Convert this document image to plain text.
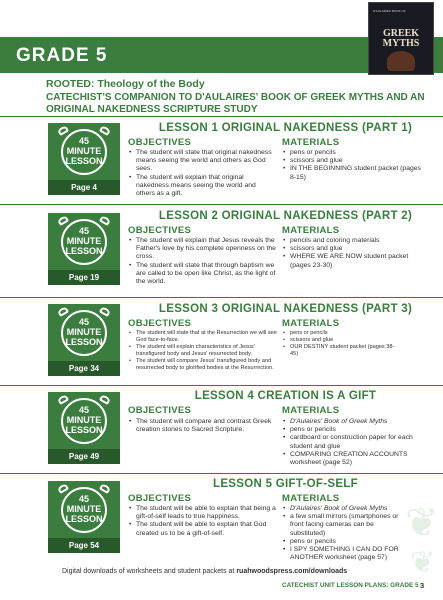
❦
❦
GRADE 5
D'AULAIRES' BOOK OF
GREEK MYTHS
ROOTED: Theology of the Body
CATECHIST'S COMPANION TO D'AULAIRES' BOOK OF GREEK MYTHS AND AN ORIGINAL NAKEDNESS SCRIPTURE STUDY
45
MINUTE
LESSON
Page 4
LESSON 1 ORIGINAL NAKEDNESS (PART 1)
OBJECTIVES	MATERIALS
• The student will state that original nakedness means seeing the world and others as God sees.
• The student will explain that original nakedness means seeing the world and others as a gift.
• pens or pencils
• scissors and glue
• IN THE BEGINNING student packet (pages 8-15)
45
MINUTE
LESSON
Page 19
LESSON 2 ORIGINAL NAKEDNESS (PART 2)
OBJECTIVES	MATERIALS
• The student will explain that Jesus reveals the Father's love by his complete openness on the cross.
• The student will state that through baptism we are called to be open like Christ, as the light of the world.
• pencils and coloring materials
• scissors and glue
• WHERE WE ARE NOW student packet (pages 23-30)
45
MINUTE
LESSON
Page 34
LESSON 3 ORIGINAL NAKEDNESS (PART 3)
OBJECTIVES	MATERIALS
• The student will state that at the Resurrection we will see God face-to-face.
• The student will explain characteristics of Jesus' transfigured body and Jesus' resurrected body.
• The student will compare Jesus' transfigured body and resurrected body to glorified bodies at the Resurrection.
• pens or pencils
• scissors and glue
• OUR DESTINY student packet (pages 38-45)
45
MINUTE
LESSON
Page 49
LESSON 4 CREATION IS A GIFT
OBJECTIVES	MATERIALS
• The student will compare and contrast Greek creation stories to Sacred Scripture.
• D'Aulaires' Book of Greek Myths
• pens or pencils
• cardboard or construction paper for each student and glue
• COMPARING CREATION ACCOUNTS worksheet (page 52)
45
MINUTE
LESSON
Page 54
LESSON 5 GIFT-OF-SELF
OBJECTIVES	MATERIALS
• The student will be able to explain that being a gift-of-self leads to true happiness.
• The student will be able to explain that God created us to be a gift-of-self.
• D'Aulaires' Book of Greek Myths
• a few small mirrors (smartphones or front facing cameras can be substituted)
• pens or pencils
• I SPY SOMETHING I CAN DO FOR ANOTHER worksheet (page 57)
Digital downloads of worksheets and student packets at ruahwoodspress.com/downloads
CATECHIST UNIT LESSON PLANS: GRADE 5 3
